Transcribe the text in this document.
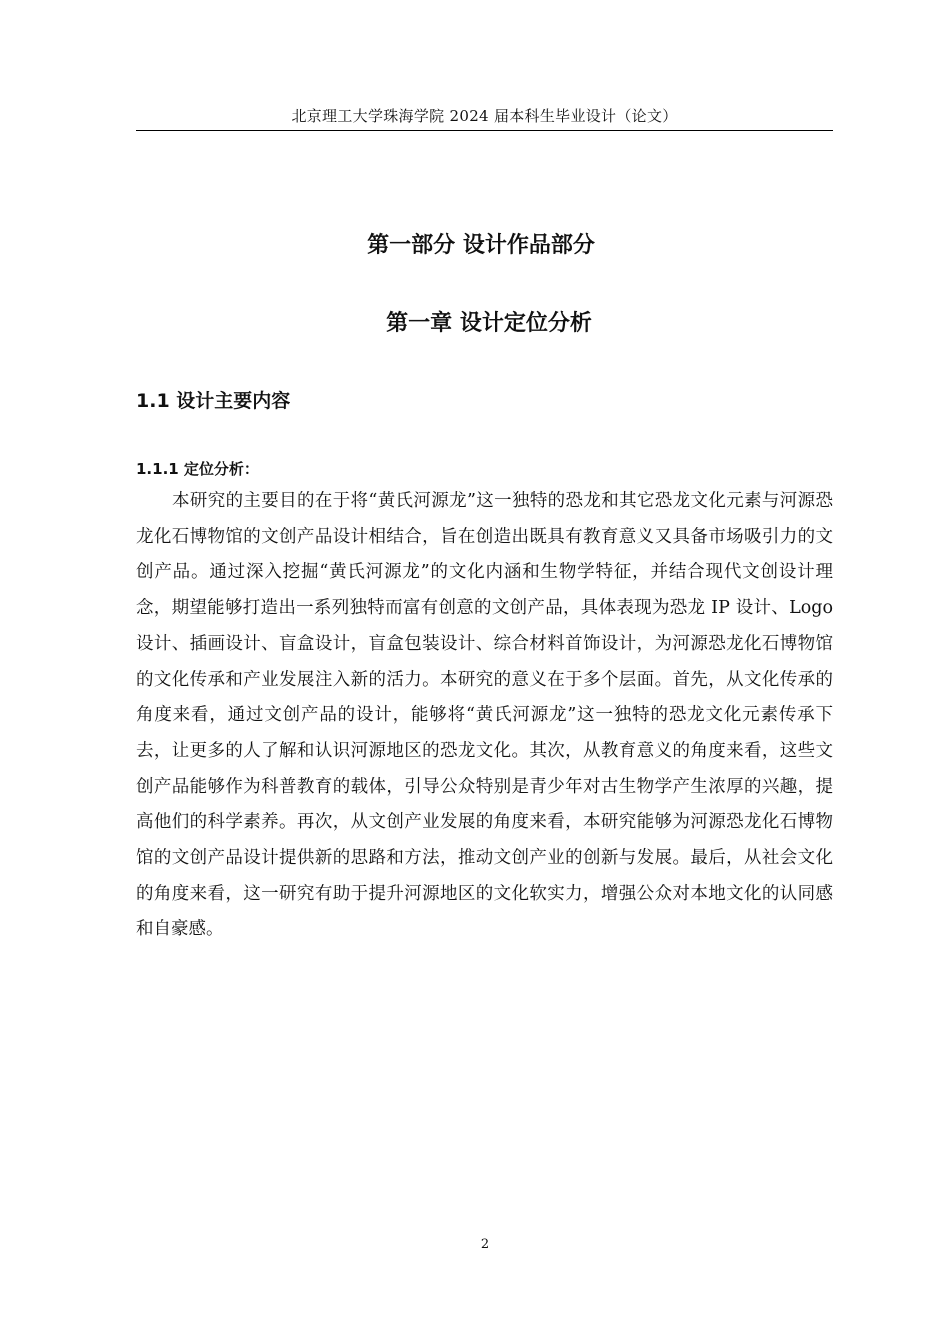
北京理工大学珠海学院 2024 届本科生毕业设计（论文）
第一部分 设计作品部分
第一章 设计定位分析
1.1 设计主要内容
1.1.1 定位分析：

本研究的主要目的在于将“黄氏河源龙”这一独特的恐龙和其它恐龙文化元素与河源恐龙化石博物馆的文创产品设计相结合，旨在创造出既具有教育意义又具备市场吸引力的文创产品。通过深入挖掘“黄氏河源龙”的文化内涵和生物学特征，并结合现代文创设计理念，期望能够打造出一系列独特而富有创意的文创产品，具体表现为恐龙 IP 设计、Logo 设计、插画设计、盲盒设计，盲盒包装设计、综合材料首饰设计，为河源恐龙化石博物馆的文化传承和产业发展注入新的活力。本研究的意义在于多个层面。首先，从文化传承的角度来看，通过文创产品的设计，能够将“黄氏河源龙”这一独特的恐龙文化元素传承下去，让更多的人了解和认识河源地区的恐龙文化。其次，从教育意义的角度来看，这些文创产品能够作为科普教育的载体，引导公众特别是青少年对古生物学产生浓厚的兴趣，提高他们的科学素养。再次，从文创产业发展的角度来看，本研究能够为河源恐龙化石博物馆的文创产品设计提供新的思路和方法，推动文创产业的创新与发展。最后，从社会文化的角度来看，这一研究有助于提升河源地区的文化软实力，增强公众对本地文化的认同感和自豪感。

2
